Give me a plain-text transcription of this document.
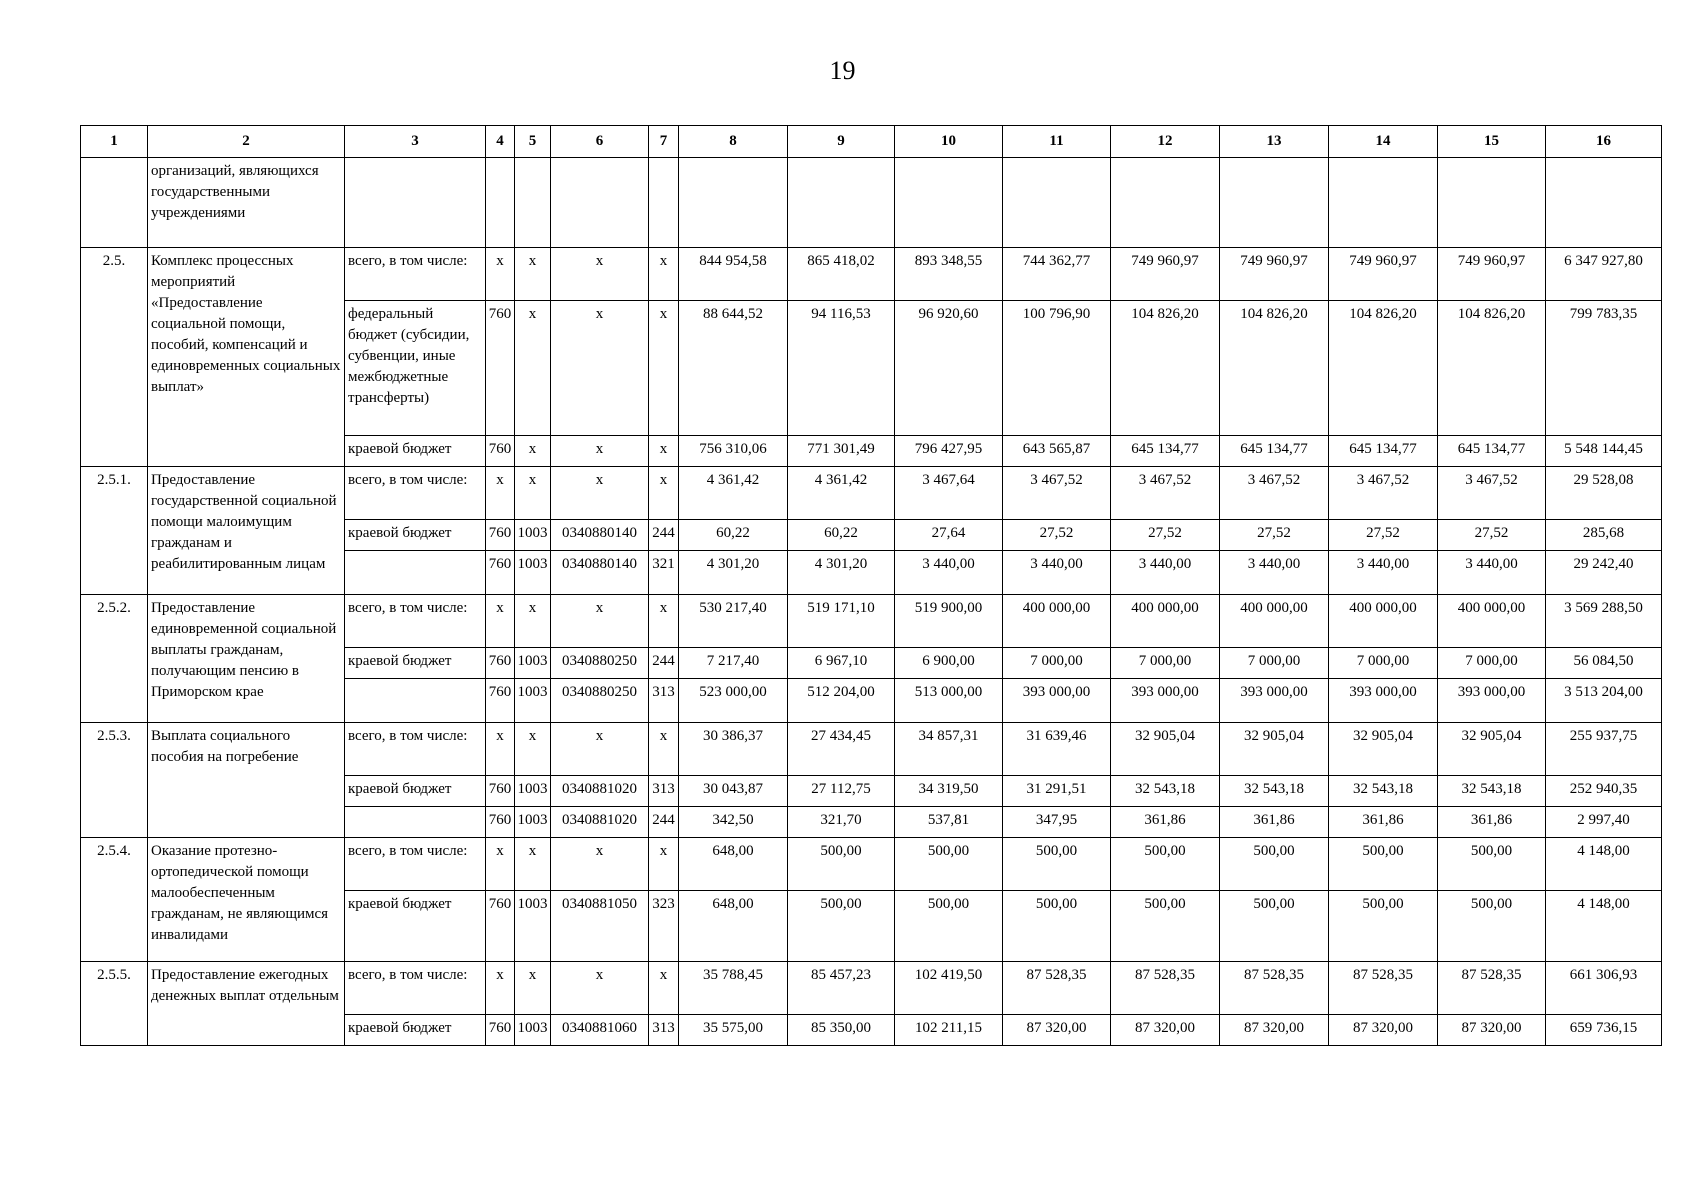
19
1	2	3	4	5	6	7	8	9	10	11	12	13	14	15	16
	организаций, являющихся государственными учреждениями														
2.5.	Комплекс процессных мероприятий «Предоставление социальной помощи, пособий, компенсаций и единовременных социальных выплат»	всего, в том числе:	х	х	х	х	844 954,58	865 418,02	893 348,55	744 362,77	749 960,97	749 960,97	749 960,97	749 960,97	6 347 927,80
		федеральный бюджет (субсидии, субвенции, иные межбюджетные трансферты)	760	х	х	х	88 644,52	94 116,53	96 920,60	100 796,90	104 826,20	104 826,20	104 826,20	104 826,20	799 783,35
		краевой бюджет	760	х	х	х	756 310,06	771 301,49	796 427,95	643 565,87	645 134,77	645 134,77	645 134,77	645 134,77	5 548 144,45
2.5.1.	Предоставление государственной социальной помощи малоимущим гражданам и реабилитированным лицам	всего, в том числе:	х	х	х	х	4 361,42	4 361,42	3 467,64	3 467,52	3 467,52	3 467,52	3 467,52	3 467,52	29 528,08
		краевой бюджет	760	1003	0340880140	244	60,22	60,22	27,64	27,52	27,52	27,52	27,52	27,52	285,68
			760	1003	0340880140	321	4 301,20	4 301,20	3 440,00	3 440,00	3 440,00	3 440,00	3 440,00	3 440,00	29 242,40
2.5.2.	Предоставление единовременной социальной выплаты гражданам, получающим пенсию в Приморском крае	всего, в том числе:	х	х	х	х	530 217,40	519 171,10	519 900,00	400 000,00	400 000,00	400 000,00	400 000,00	400 000,00	3 569 288,50
		краевой бюджет	760	1003	0340880250	244	7 217,40	6 967,10	6 900,00	7 000,00	7 000,00	7 000,00	7 000,00	7 000,00	56 084,50
			760	1003	0340880250	313	523 000,00	512 204,00	513 000,00	393 000,00	393 000,00	393 000,00	393 000,00	393 000,00	3 513 204,00
2.5.3.	Выплата социального пособия на погребение	всего, в том числе:	х	х	х	х	30 386,37	27 434,45	34 857,31	31 639,46	32 905,04	32 905,04	32 905,04	32 905,04	255 937,75
		краевой бюджет	760	1003	0340881020	313	30 043,87	27 112,75	34 319,50	31 291,51	32 543,18	32 543,18	32 543,18	32 543,18	252 940,35
			760	1003	0340881020	244	342,50	321,70	537,81	347,95	361,86	361,86	361,86	361,86	2 997,40
2.5.4.	Оказание протезно-ортопедической помощи малообеспеченным гражданам, не являющимся инвалидами	всего, в том числе:	х	х	х	х	648,00	500,00	500,00	500,00	500,00	500,00	500,00	500,00	4 148,00
		краевой бюджет	760	1003	0340881050	323	648,00	500,00	500,00	500,00	500,00	500,00	500,00	500,00	4 148,00
2.5.5.	Предоставление ежегодных денежных выплат отдельным	всего, в том числе:	х	х	х	х	35 788,45	85 457,23	102 419,50	87 528,35	87 528,35	87 528,35	87 528,35	87 528,35	661 306,93
		краевой бюджет	760	1003	0340881060	313	35 575,00	85 350,00	102 211,15	87 320,00	87 320,00	87 320,00	87 320,00	87 320,00	659 736,15
